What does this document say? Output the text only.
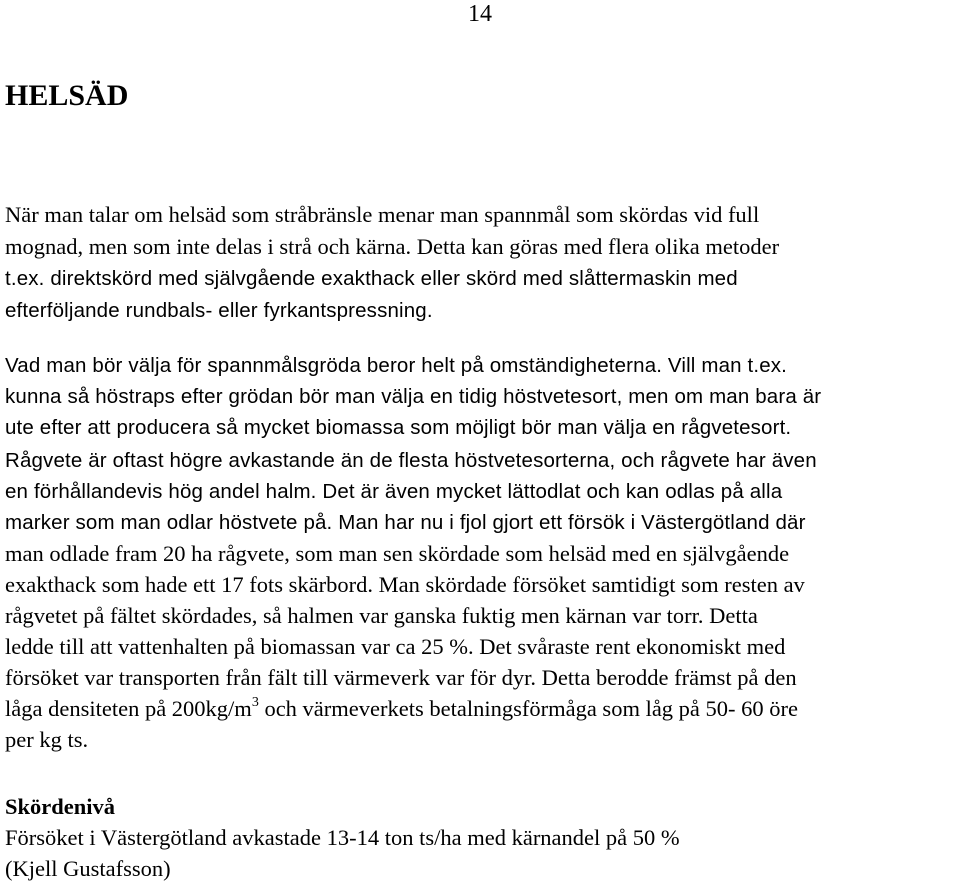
14
HELSÄD

När man talar om helsäd som stråbränsle menar man spannmål som skördas vid full
mognad, men som inte delas i strå och kärna. Detta kan göras med flera olika metoder
t.ex. direktskörd med självgående exakthack eller skörd med slåttermaskin med
efterföljande rundbals- eller fyrkantspressning.

Vad man bör välja för spannmålsgröda beror helt på omständigheterna. Vill man t.ex.
kunna så höstraps efter grödan bör man välja en tidig höstvetesort, men om man bara är
ute efter att producera så mycket biomassa som möjligt bör man välja en rågvetesort.

Rågvete är oftast högre avkastande än de flesta höstvetesorterna, och rågvete har även
en förhållandevis hög andel halm. Det är även mycket lättodlat och kan odlas på alla
marker som man odlar höstvete på. Man har nu i fjol gjort ett försök i Västergötland där
man odlade fram 20 ha rågvete, som man sen skördade som helsäd med en självgående
exakthack som hade ett 17 fots skärbord. Man skördade försöket samtidigt som resten av
rågvetet på fältet skördades, så halmen var ganska fuktig men kärnan var torr. Detta
ledde till att vattenhalten på biomassan var ca 25 %. Det svåraste rent ekonomiskt med
försöket var transporten från fält till värmeverk var för dyr. Detta berodde främst på den
låga densiteten på $200kg/m^3$ och värmeverkets betalningsförmåga som låg på 50- 60 öre
per kg ts.

Skördenivå

Försöket i Västergötland avkastade 13-14 ton ts/ha med kärnandel på 50 %

(Kjell Gustafsson)
